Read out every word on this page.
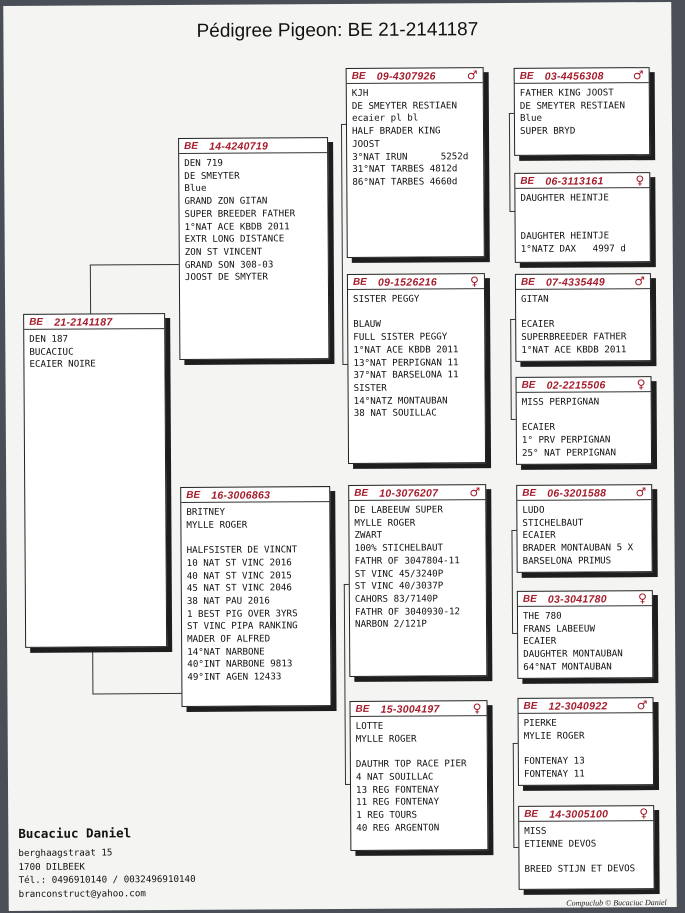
Pédigree Pigeon: BE 21-2141187
BE 21-2141187
DEN 187
BUCACIUC
ECAIER NOIRE
BE 14-4240719
DEN 719
DE SMEYTER
Blue
GRAND ZON GITAN
SUPER BREEDER FATHER
1°NAT ACE KBDB 2011
EXTR LONG DISTANCE
ZON ST VINCENT
GRAND SON 308-03
JOOST DE SMYTER
BE 16-3006863
BRITNEY
MYLLE ROGER

HALFSISTER DE VINCNT
10 NAT ST VINC 2016
40 NAT ST VINC 2015
45 NAT ST VINC 2046
38 NAT PAU 2016
1 BEST PIG OVER 3YRS
ST VINC PIPA RANKING
MADER OF ALFRED
14°NAT NARBONE
40°INT NARBONE 9813
49°INT AGEN 12433
BE 09-4307926	♂
KJH
DE SMEYTER RESTIAEN
ecaier pl bl
HALF BRADER KING
JOOST
3°NAT IRUN      5252d
31°NAT TARBES 4812d
86°NAT TARBES 4660d
BE 09-1526216	♀
SISTER PEGGY

BLAUW
FULL SISTER PEGGY
1°NAT ACE KBDB 2011
13°NAT PERPIGNAN 11
37°NAT BARSELONA 11
SISTER
14°NATZ MONTAUBAN
38 NAT SOUILLAC
BE 10-3076207	♂
DE LABEEUW SUPER
MYLLE ROGER
ZWART
100% STICHELBAUT
FATHR OF 3047804-11
ST VINC 45/3240P
ST VINC 40/3037P
CAHORS 83/7140P
FATHR OF 3040930-12
NARBON 2/121P
BE 15-3004197	♀
LOTTE
MYLLE ROGER

DAUTHR TOP RACE PIER
4 NAT SOUILLAC
13 REG FONTENAY
11 REG FONTENAY
1 REG TOURS
40 REG ARGENTON
BE 03-4456308 ♂
FATHER KING JOOST
DE SMEYTER RESTIAEN
Blue
SUPER BRYD
BE 06-3113161	♀
DAUGHTER HEINTJE

DAUGHTER HEINTJE
1°NATZ DAX   4997 d
BE 07-4335449 ♂
GITAN

ECAIER
SUPERBREEDER FATHER
1°NAT ACE KBDB 2011
BE 02-2215506	♀
MISS PERPIGNAN

ECAIER
1° PRV PERPIGNAN
25° NAT PERPIGNAN
BE 06-3201588 ♂
LUDO
STICHELBAUT
ECAIER
BRADER MONTAUBAN 5 X
BARSELONA PRIMUS
BE 03-3041780	♀
THE 780
FRANS LABEEUW
ECAIER
DAUGHTER MONTAUBAN
64°NAT MONTAUBAN
BE 12-3040922 ♂
PIERKE
MYLIE ROGER

FONTENAY 13
FONTENAY 11
BE 14-3005100	♀
MISS
ETIENNE DEVOS

BREED STIJN ET DEVOS
Bucaciuc Daniel
berghaagstraat 15
1700 DILBEEK
Tél.: 0496910140 / 0032496910140
branconstruct@yahoo.com
Compuclub © Bucaciuc Daniel
